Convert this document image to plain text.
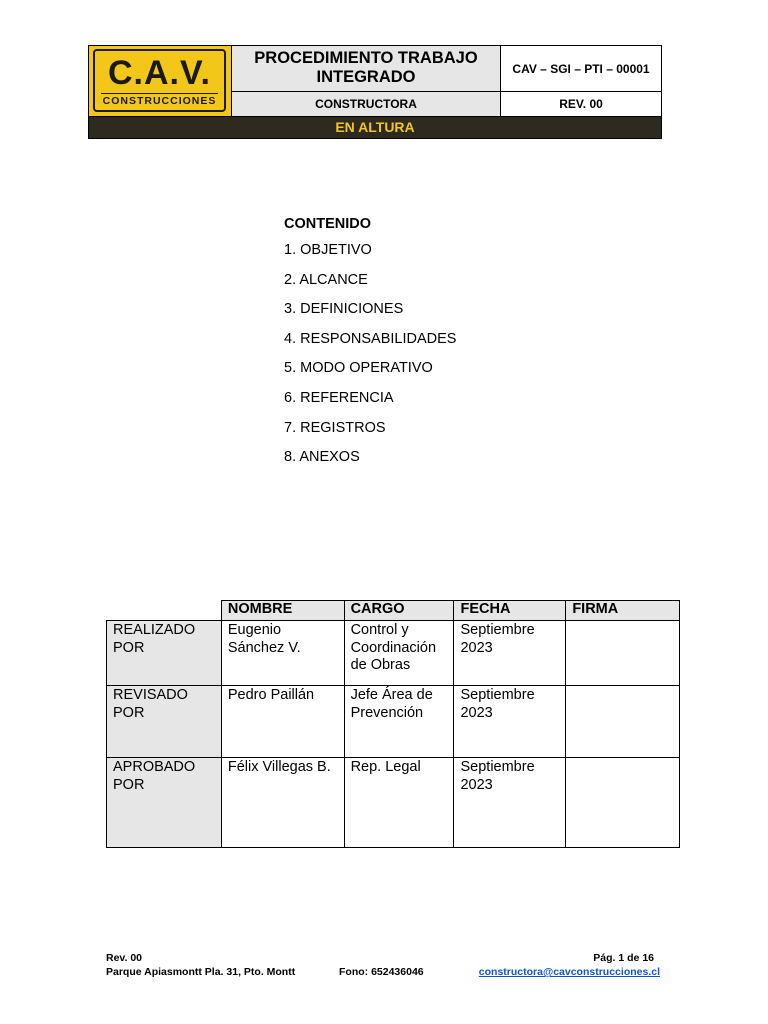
C.A.V.
CONSTRUCCIONES
PROCEDIMIENTO TRABAJO
INTEGRADO
CONSTRUCTORA
CAV – SGI – PTI – 00001
REV. 00
EN ALTURA
CONTENIDO
1. OBJETIVO
2. ALCANCE
3. DEFINICIONES
4. RESPONSABILIDADES
5. MODO OPERATIVO
6. REFERENCIA
7. REGISTROS
8. ANEXOS
	NOMBRE	CARGO	FECHA	FIRMA
REALIZADO POR	Eugenio Sánchez V.	Control y Coordinación de Obras	Septiembre 2023	
REVISADO POR	Pedro Paillán	Jefe Área de Prevención	Septiembre 2023	
APROBADO POR	Félix Villegas B.	Rep. Legal	Septiembre 2023	
Rev. 00	Pág. 1 de 16
Parque Apiasmontt Pla. 31, Pto. Montt	Fono: 652436046	constructora@cavconstrucciones.cl
